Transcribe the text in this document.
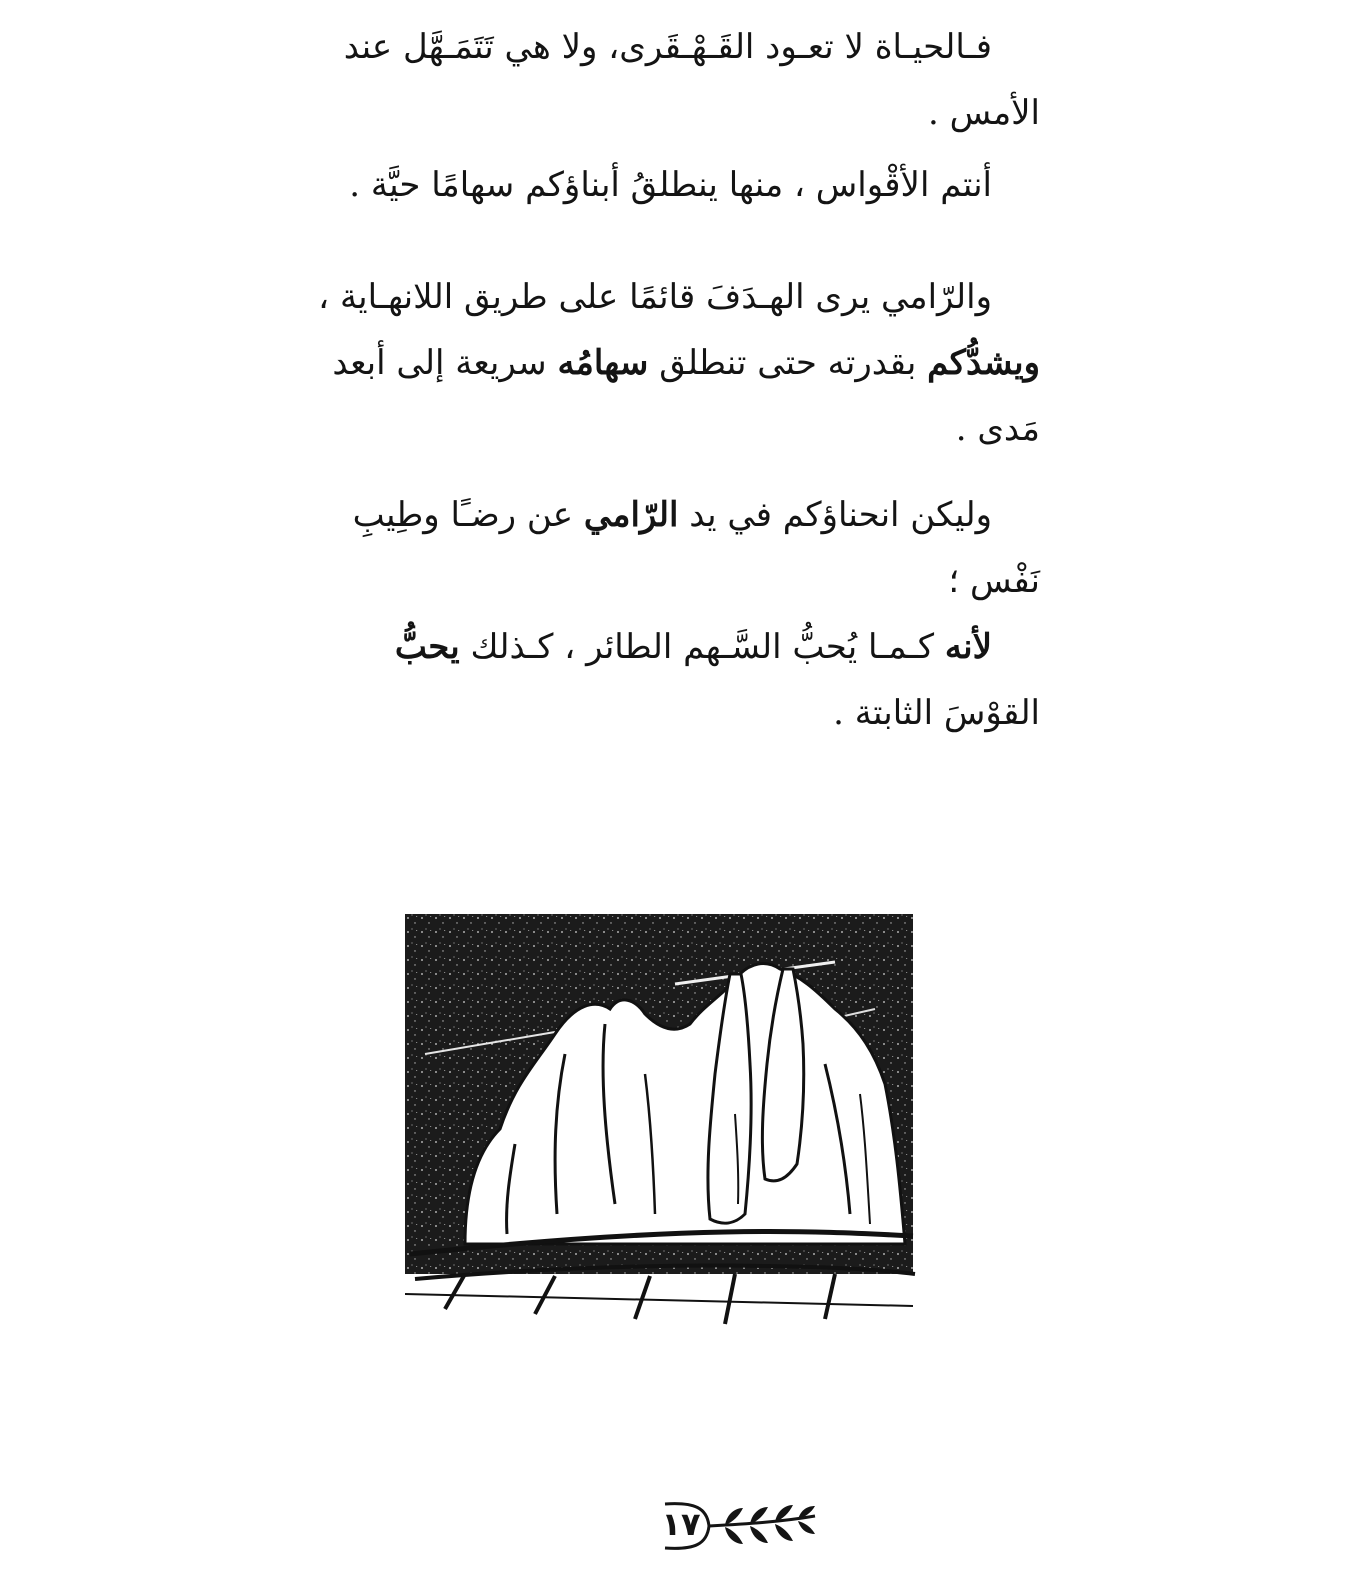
فـالحيـاة لا تعـود القَـهْـقَرى، ولا هي تَتَمَـهَّل عند
الأمس .
أنتم الأقْواس ، منها ينطلقُ أبناؤكم سهامًا حيَّة .
والرّامي يرى الهـدَفَ قائمًا على طريق اللانهـاية ،
ويشدُّكم بقدرته حتى تنطلق سهامُه سريعة إلى أبعد
مَدى .
وليكن انحناؤكم في يد الرّامي عن رضـًا وطِيبِ
نَفْس ؛
لأنه كـمـا يُحبُّ السَّـهم الطائر ، كـذلك يحبُّ
القوْسَ الثابتة .
١٧
